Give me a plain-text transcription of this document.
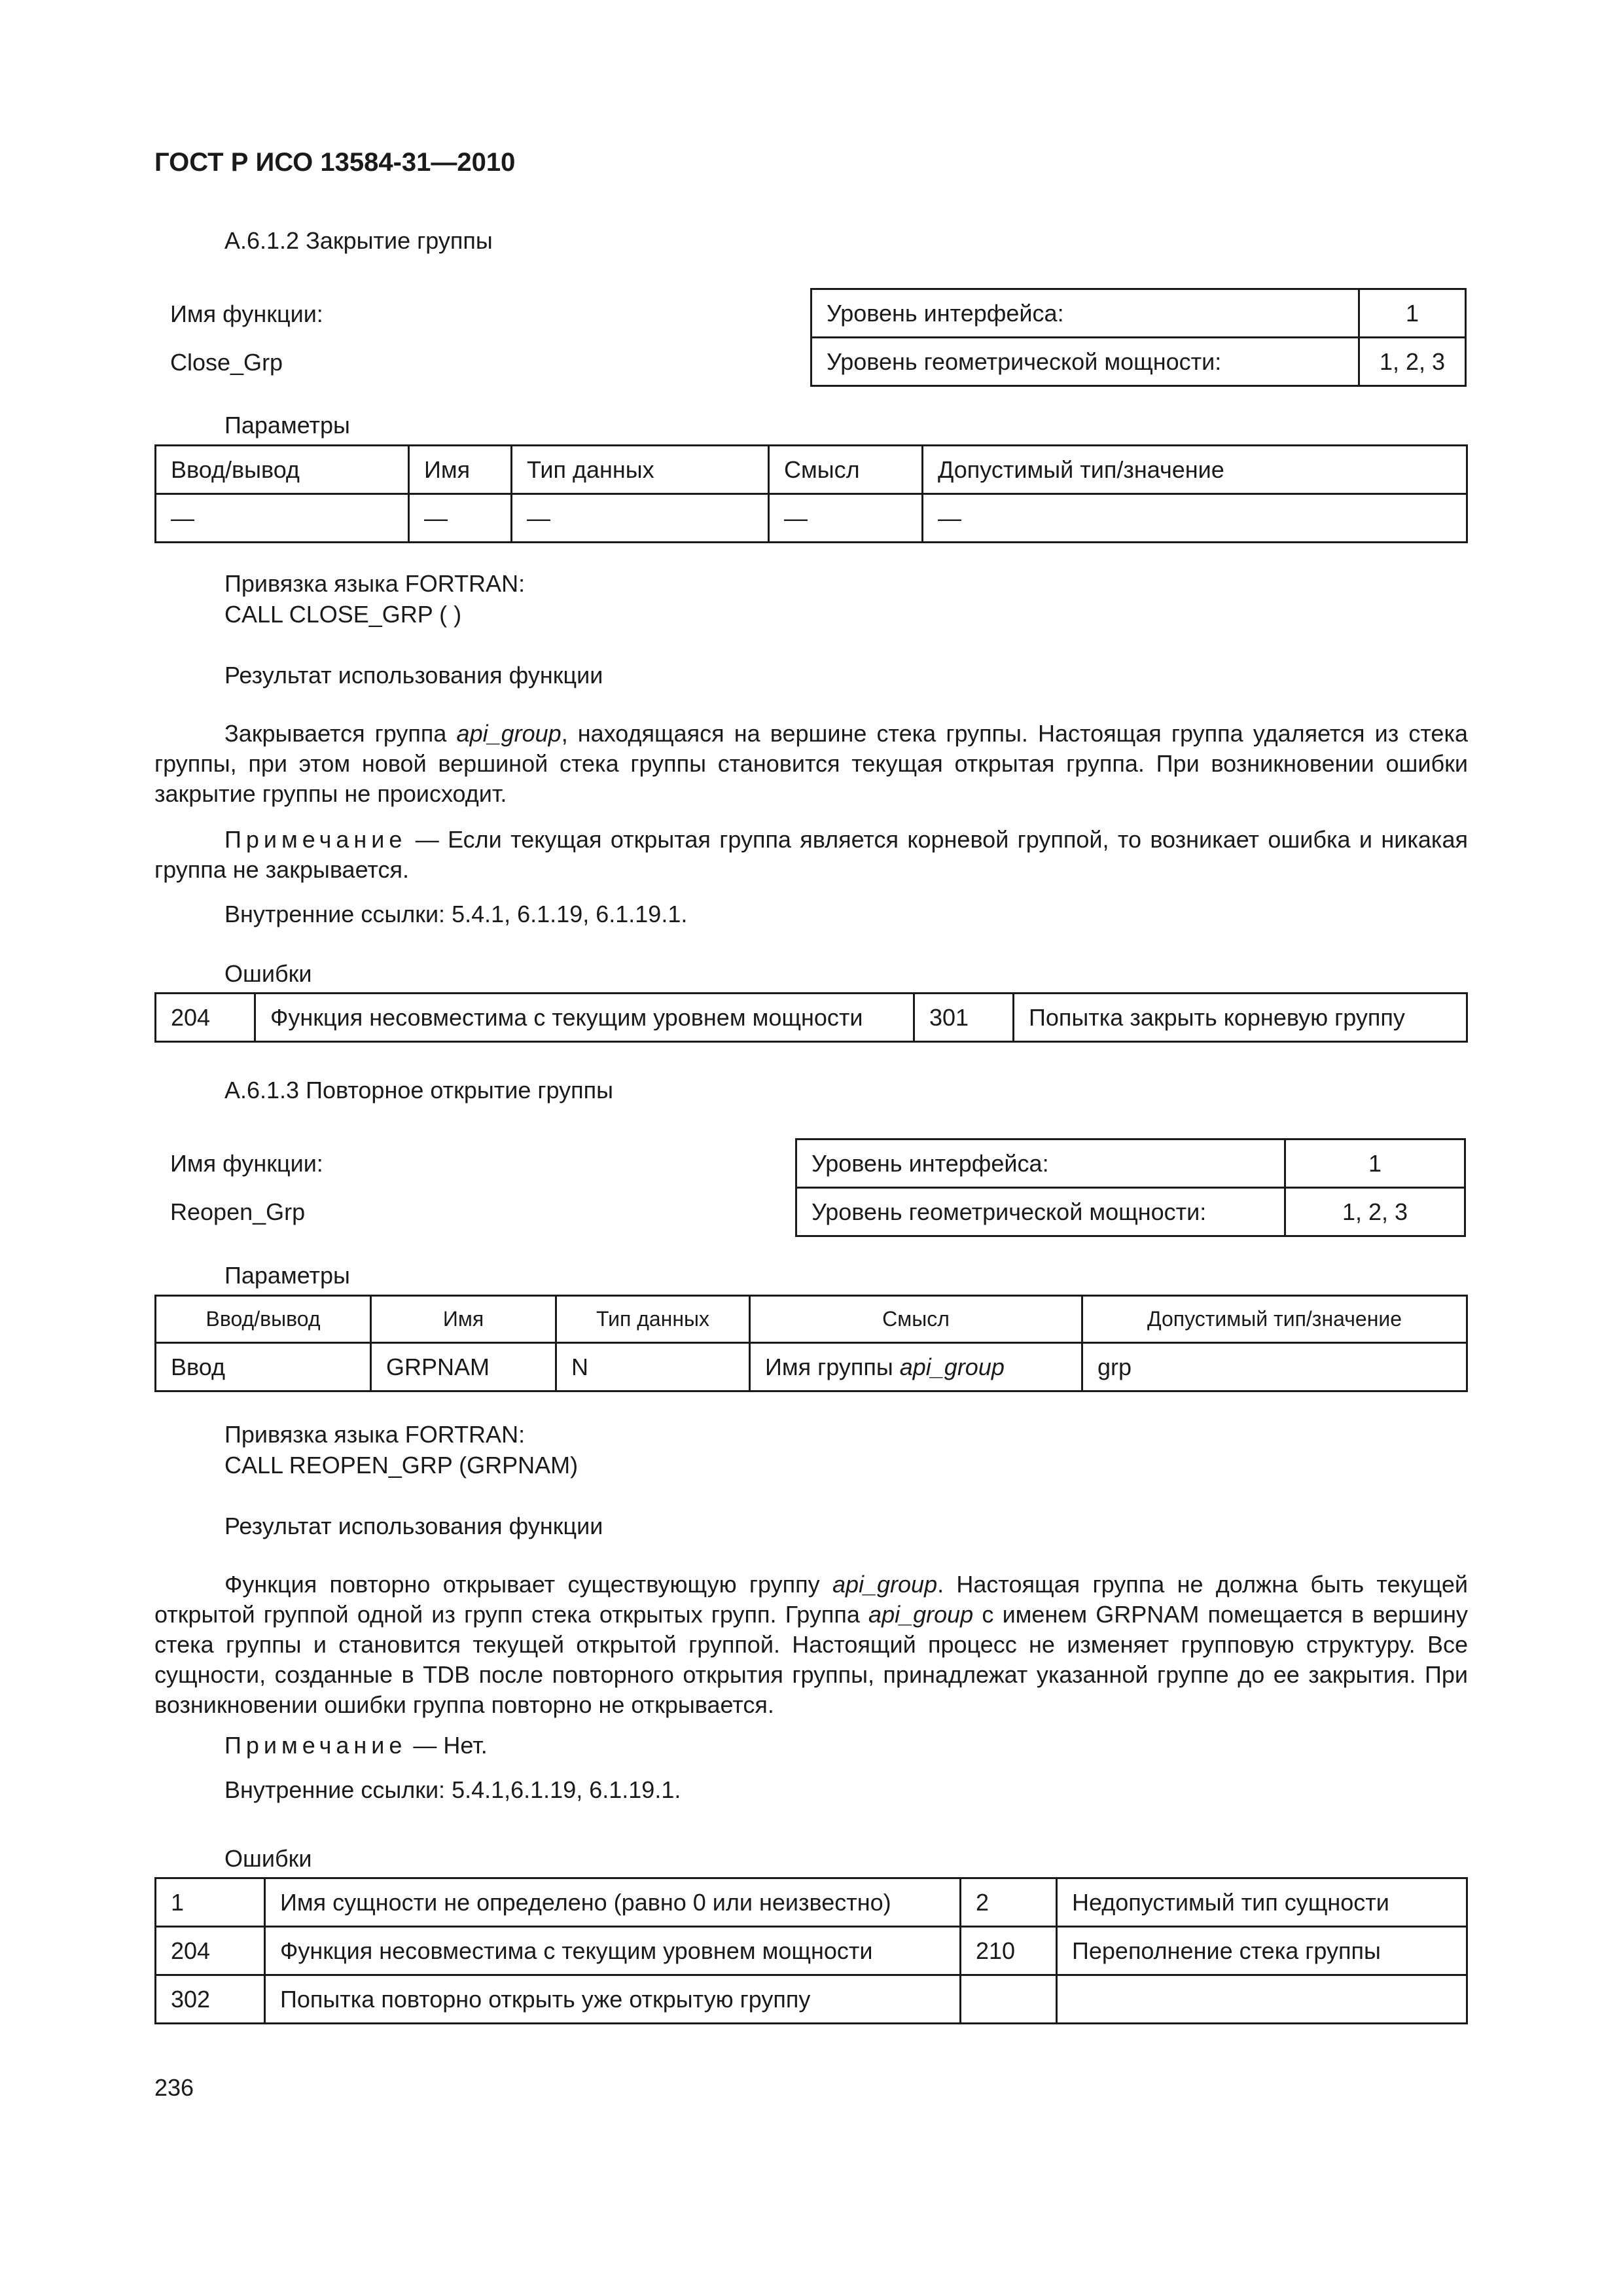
ГОСТ Р ИСО 13584-31—2010
A.6.1.2 Закрытие группы
Имя функции:
Close_Grp
Уровень интерфейса:	1
Уровень геометрической мощности:	1, 2, 3
Параметры
Ввод/вывод	Имя	Тип данных	Смысл	Допустимый тип/значение
—	—	—	—	—
Привязка языка FORTRAN:
CALL CLOSE_GRP ( )
Результат использования функции
Закрывается группа api_group, находящаяся на вершине стека группы. Настоящая группа удаляется из стека группы, при этом новой вершиной стека группы становится текущая открытая группа. При возникновении ошибки закрытие группы не происходит.
Примечание — Если текущая открытая группа является корневой группой, то возникает ошибка и никакая группа не закрывается.
Внутренние ссылки: 5.4.1, 6.1.19, 6.1.19.1.
Ошибки
204	Функция несовместима с текущим уровнем мощности	301	Попытка закрыть корневую группу
A.6.1.3 Повторное открытие группы
Имя функции:
Reopen_Grp
Уровень интерфейса:	1
Уровень геометрической мощности:	1, 2, 3
Параметры
Ввод/вывод	Имя	Тип данных	Смысл	Допустимый тип/значение
Ввод	GRPNAM	N	Имя группы api_group	grp
Привязка языка FORTRAN:
CALL REOPEN_GRP (GRPNAM)
Результат использования функции
Функция повторно открывает существующую группу api_group. Настоящая группа не должна быть текущей открытой группой одной из групп стека открытых групп. Группа api_group с именем GRPNAM помещается в вершину стека группы и становится текущей открытой группой. Настоящий процесс не изменяет групповую структуру. Все сущности, созданные в TDB после повторного открытия группы, принадлежат указанной группе до ее закрытия. При возникновении ошибки группа повторно не открывается.
Примечание — Нет.
Внутренние ссылки: 5.4.1,6.1.19, 6.1.19.1.
Ошибки
1	Имя сущности не определено (равно 0 или неизвестно)	2	Недопустимый тип сущности
204	Функция несовместима с текущим уровнем мощности	210	Переполнение стека группы
302	Попытка повторно открыть уже открытую группу		
236
